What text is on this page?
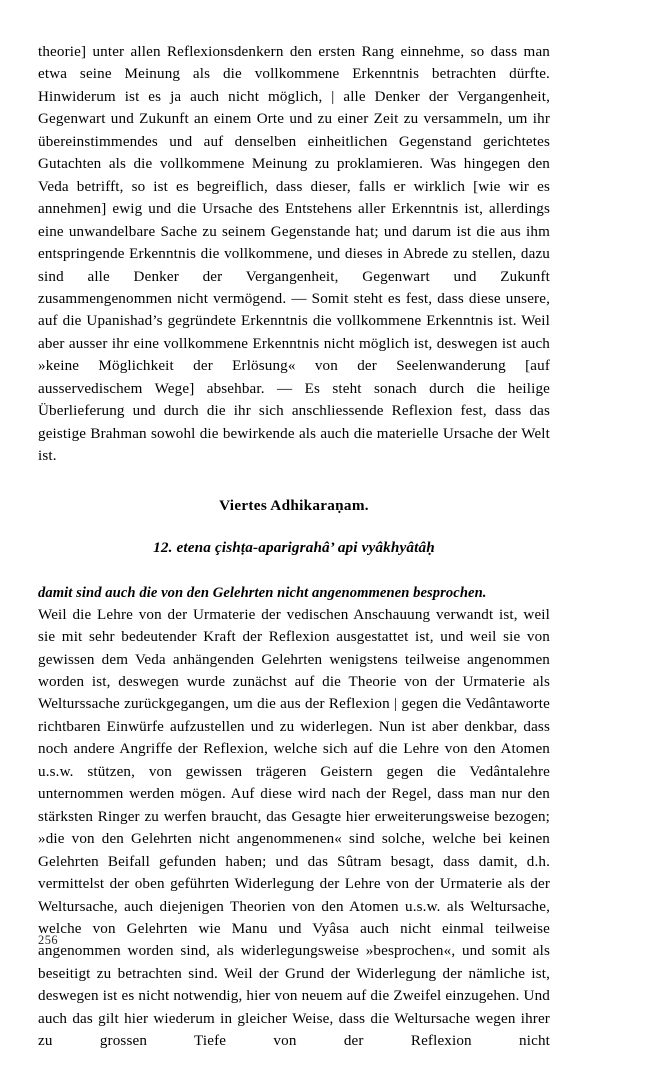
theorie] unter allen Reflexionsdenkern den ersten Rang einnehme, so dass man etwa seine Meinung als die vollkommene Erkenntnis betrachten dürfte. Hinwiderum ist es ja auch nicht möglich, | alle Denker der Vergangenheit, Gegenwart und Zukunft an einem Orte und zu einer Zeit zu versammeln, um ihr übereinstimmendes und auf denselben einheitlichen Gegenstand gerichtetes Gutachten als die vollkommene Meinung zu proklamieren. Was hingegen den Veda betrifft, so ist es begreiflich, dass dieser, falls er wirklich [wie wir es annehmen] ewig und die Ursache des Entstehens aller Erkenntnis ist, allerdings eine unwandelbare Sache zu seinem Gegenstande hat; und darum ist die aus ihm entspringende Erkenntnis die vollkommene, und dieses in Abrede zu stellen, dazu sind alle Denker der Vergangenheit, Gegenwart und Zukunft zusammengenommen nicht vermögend. — Somit steht es fest, dass diese unsere, auf die Upanishad’s gegründete Erkenntnis die vollkommene Erkenntnis ist. Weil aber ausser ihr eine vollkommene Erkenntnis nicht möglich ist, deswegen ist auch »keine Möglichkeit der Erlösung« von der Seelenwanderung [auf ausservedischem Wege] absehbar. — Es steht sonach durch die heilige Überlieferung und durch die ihr sich anschliessende Reflexion fest, dass das geistige Brahman sowohl die bewirkende als auch die materielle Ursache der Welt ist.

Viertes Adhikaraṇam.
12. etena çishṭa-aparigrahâ’ api vyâkhyâtâḥ
damit sind auch die von den Gelehrten nicht angenommenen besprochen.

Weil die Lehre von der Urmaterie der vedischen Anschauung verwandt ist, weil sie mit sehr bedeutender Kraft der Reflexion ausgestattet ist, und weil sie von gewissen dem Veda anhängenden Gelehrten wenigstens teilweise angenommen worden ist, deswegen wurde zunächst auf die Theorie von der Urmaterie als Welturssache zurückgegangen, um die aus der Reflexion | gegen die Vedântaworte richtbaren Einwürfe aufzustellen und zu widerlegen. Nun ist aber denkbar, dass noch andere Angriffe der Reflexion, welche sich auf die Lehre von den Atomen u.s.w. stützen, von gewissen trägeren Geistern gegen die Vedântalehre unternommen werden mögen. Auf diese wird nach der Regel, dass man nur den stärksten Ringer zu werfen braucht, das Gesagte hier erweiterungsweise bezogen; »die von den Gelehrten nicht angenommenen« sind solche, welche bei keinen Gelehrten Beifall gefunden haben; und das Sûtram besagt, dass damit, d.h. vermittelst der oben geführten Widerlegung der Lehre von der Urmaterie als der Weltursache, auch diejenigen Theorien von den Atomen u.s.w. als Weltursache, welche von Gelehrten wie Manu und Vyâsa auch nicht einmal teilweise angenommen worden sind, als widerlegungsweise »besprochen«, und somit als beseitigt zu betrachten sind. Weil der Grund der Widerlegung der nämliche ist, deswegen ist es nicht notwendig, hier von neuem auf die Zweifel einzugehen. Und auch das gilt hier wiederum in gleicher Weise, dass die Weltursache wegen ihrer zu grossen Tiefe von der Reflexion nicht

256
